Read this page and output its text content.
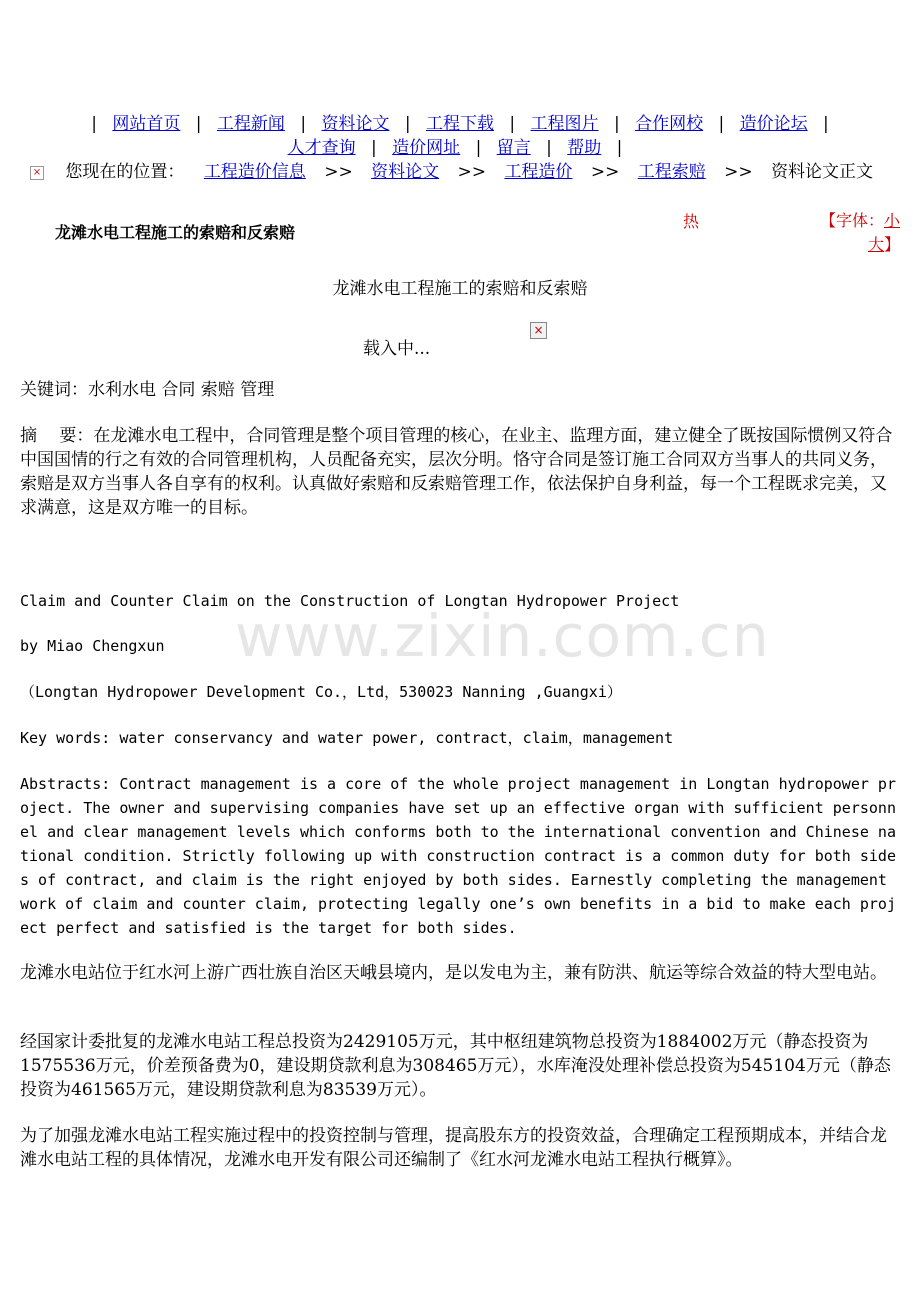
| 网站首页 | 工程新闻 | 资料论文 | 工程下载 | 工程图片 | 合作网校 | 造价论坛 |
人才查询 | 造价网址 | 留言 | 帮助 |
× 您现在的位置： 工程造价信息 >> 资料论文 >> 工程造价 >> 工程索赔 >> 资料论文正文
龙滩水电工程施工的索赔和反索赔
热	【字体：小
大】
龙滩水电工程施工的索赔和反索赔
×
载入中...
关键词：水利水电 合同 索赔 管理
摘　 要：在龙滩水电工程中，合同管理是整个项目管理的核心，在业主、监理方面，建立健全了既按国际惯例又符合中国国情的行之有效的合同管理机构，人员配备充实，层次分明。恪守合同是签订施工合同双方当事人的共同义务，索赔是双方当事人各自享有的权利。认真做好索赔和反索赔管理工作，依法保护自身利益，每一个工程既求完美，又求满意，这是双方唯一的目标。
www.zixin.com.cn
Claim and Counter Claim on the Construction of Longtan Hydropower Project
by Miao Chengxun
（Longtan Hydropower Development Co.，Ltd，530023 Nanning ,Guangxi）
Key words: water conservancy and water power, contract，claim，management
Abstracts: Contract management is a core of the whole project management in Longtan hydropower project. The owner and supervising companies have set up an effective organ with sufficient personnel and clear management levels which conforms both to the international convention and Chinese national condition. Strictly following up with construction contract is a common duty for both sides of contract, and claim is the right enjoyed by both sides. Earnestly completing the management work of claim and counter claim, protecting legally one’s own benefits in a bid to make each project perfect and satisfied is the target for both sides.
龙滩水电站位于红水河上游广西壮族自治区天峨县境内，是以发电为主，兼有防洪、航运等综合效益的特大型电站。
经国家计委批复的龙滩水电站工程总投资为2429105万元，其中枢纽建筑物总投资为1884002万元（静态投资为1575536万元，价差预备费为0，建设期贷款利息为308465万元），水库淹没处理补偿总投资为545104万元（静态投资为461565万元，建设期贷款利息为83539万元）。
为了加强龙滩水电站工程实施过程中的投资控制与管理，提高股东方的投资效益，合理确定工程预期成本，并结合龙滩水电站工程的具体情况，龙滩水电开发有限公司还编制了《红水河龙滩水电站工程执行概算》。
